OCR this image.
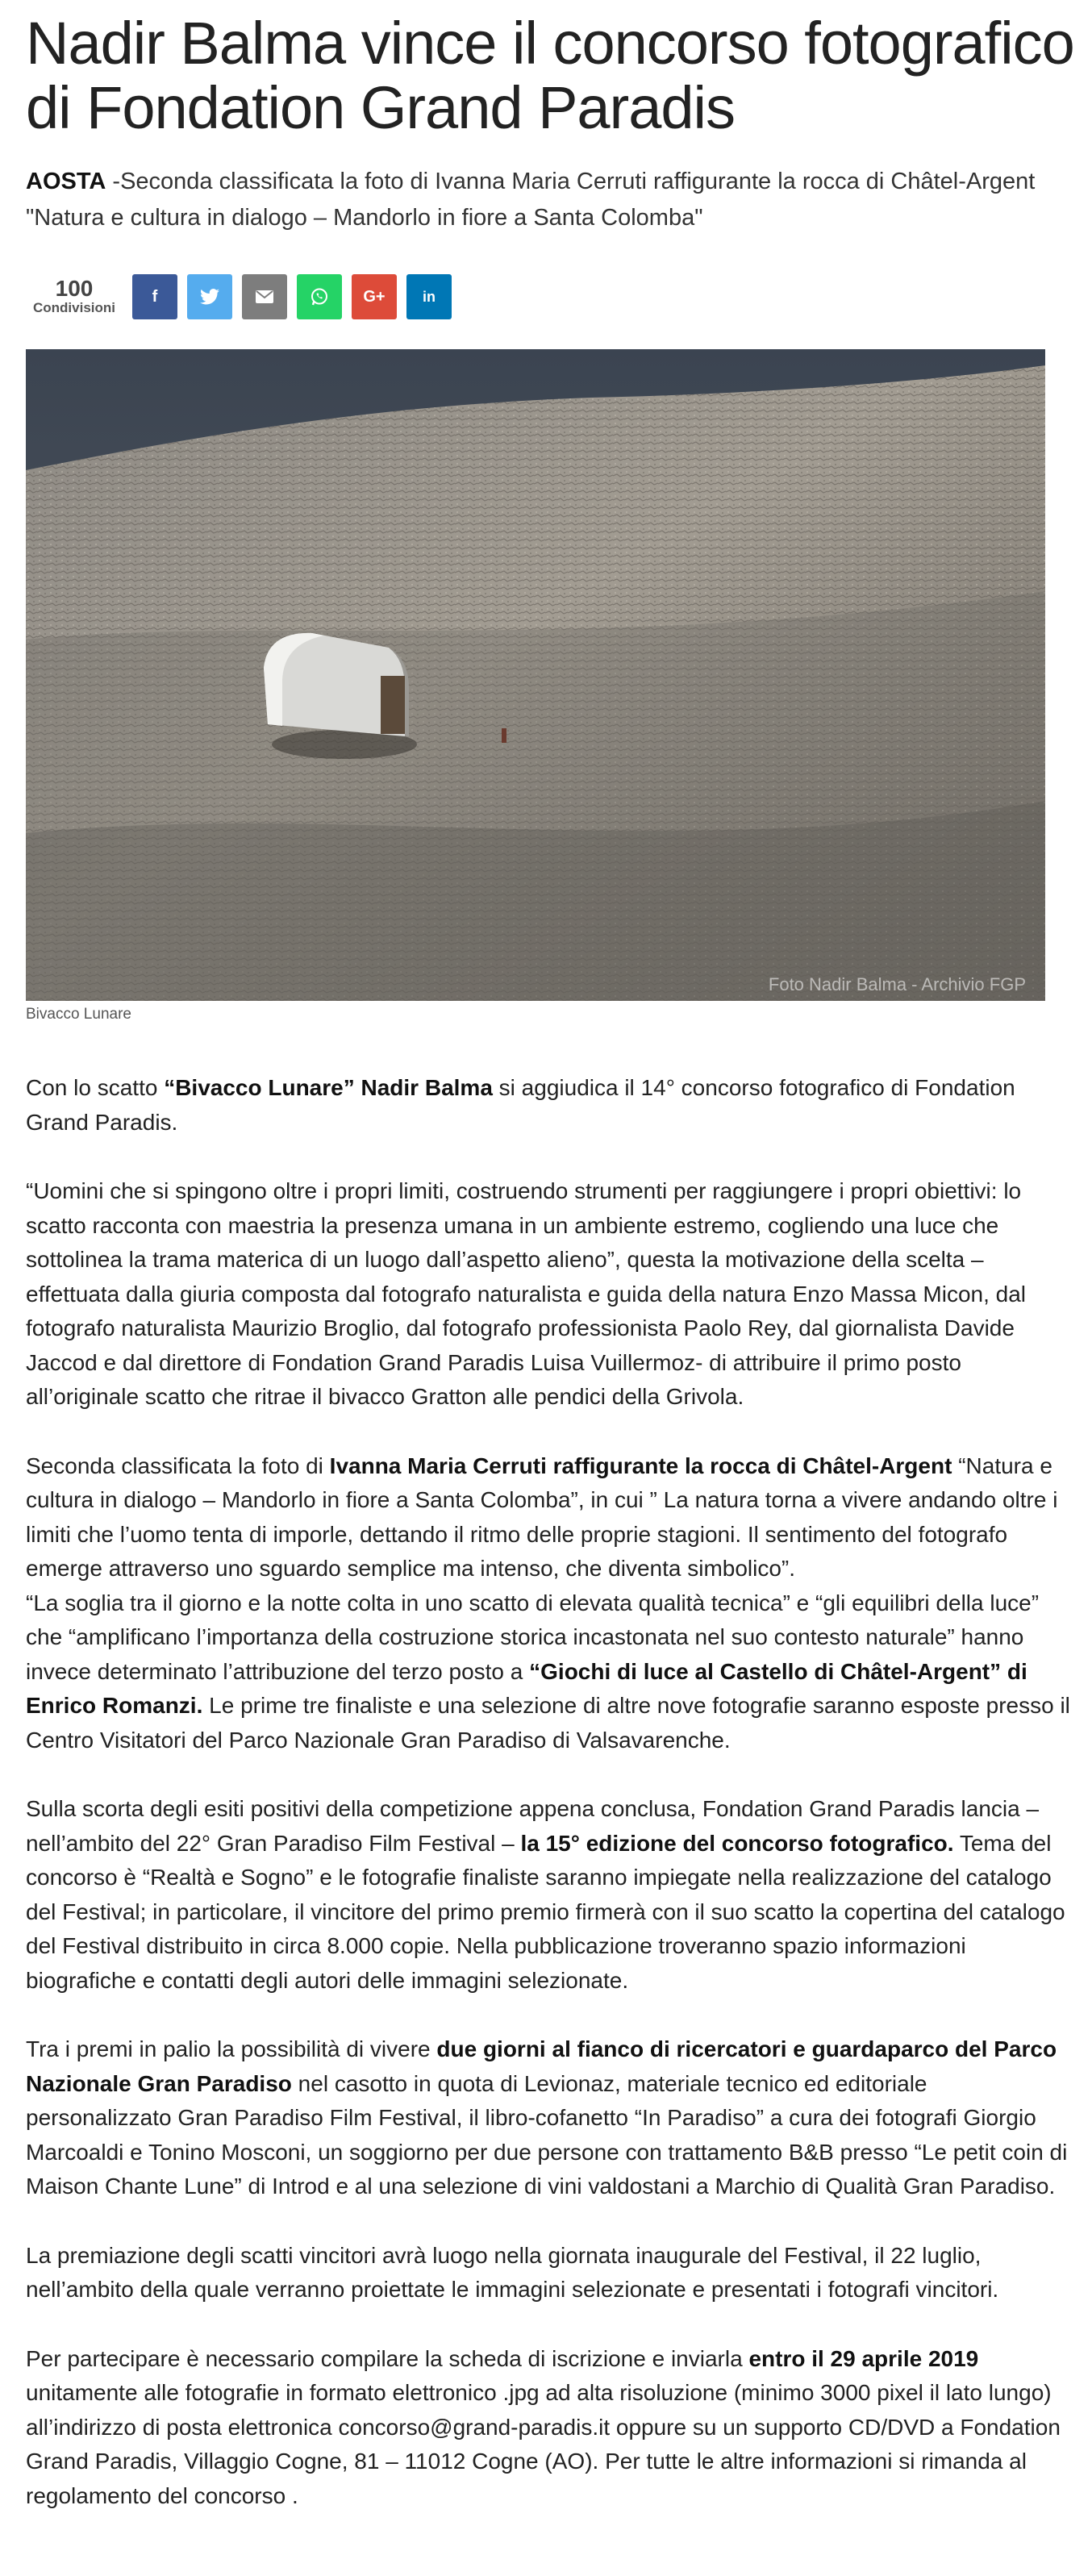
Nadir Balma vince il concorso fotografico di Fondation Grand Paradis
AOSTA -Seconda classificata la foto di Ivanna Maria Cerruti raffigurante la rocca di Châtel-Argent "Natura e cultura in dialogo – Mandorlo in fiore a Santa Colomba"
100
Condivisioni
f	G+	in
Foto Nadir Balma - Archivio FGP
Bivacco Lunare

Con lo scatto “Bivacco Lunare” Nadir Balma si aggiudica il 14° concorso fotografico di Fondation Grand Paradis.

“Uomini che si spingono oltre i propri limiti, costruendo strumenti per raggiungere i propri obiettivi: lo scatto racconta con maestria la presenza umana in un ambiente estremo, cogliendo una luce che sottolinea la trama materica di un luogo dall’aspetto alieno”, questa la motivazione della scelta – effettuata dalla giuria composta dal fotografo naturalista e guida della natura Enzo Massa Micon, dal fotografo naturalista Maurizio Broglio, dal fotografo professionista Paolo Rey, dal giornalista Davide Jaccod e dal direttore di Fondation Grand Paradis Luisa Vuillermoz- di attribuire il primo posto all’originale scatto che ritrae il bivacco Gratton alle pendici della Grivola.

Seconda classificata la foto di Ivanna Maria Cerruti raffigurante la rocca di Châtel-Argent “Natura e cultura in dialogo – Mandorlo in fiore a Santa Colomba”, in cui ” La natura torna a vivere andando oltre i limiti che l’uomo tenta di imporle, dettando il ritmo delle proprie stagioni. Il sentimento del fotografo emerge attraverso uno sguardo semplice ma intenso, che diventa simbolico”.

“La soglia tra il giorno e la notte colta in uno scatto di elevata qualità tecnica” e “gli equilibri della luce” che “amplificano l’importanza della costruzione storica incastonata nel suo contesto naturale” hanno invece determinato l’attribuzione del terzo posto a “Giochi di luce al Castello di Châtel-Argent” di Enrico Romanzi. Le prime tre finaliste e una selezione di altre nove fotografie saranno esposte presso il Centro Visitatori del Parco Nazionale Gran Paradiso di Valsavarenche.

Sulla scorta degli esiti positivi della competizione appena conclusa, Fondation Grand Paradis lancia – nell’ambito del 22° Gran Paradiso Film Festival – la 15° edizione del concorso fotografico. Tema del concorso è “Realtà e Sogno” e le fotografie finaliste saranno impiegate nella realizzazione del catalogo del Festival; in particolare, il vincitore del primo premio firmerà con il suo scatto la copertina del catalogo del Festival distribuito in circa 8.000 copie. Nella pubblicazione troveranno spazio informazioni biografiche e contatti degli autori delle immagini selezionate.

Tra i premi in palio la possibilità di vivere due giorni al fianco di ricercatori e guardaparco del Parco Nazionale Gran Paradiso nel casotto in quota di Levionaz, materiale tecnico ed editoriale personalizzato Gran Paradiso Film Festival, il libro-cofanetto “In Paradiso” a cura dei fotografi Giorgio Marcoaldi e Tonino Mosconi, un soggiorno per due persone con trattamento B&B presso “Le petit coin di Maison Chante Lune” di Introd e al una selezione di vini valdostani a Marchio di Qualità Gran Paradiso.

La premiazione degli scatti vincitori avrà luogo nella giornata inaugurale del Festival, il 22 luglio, nell’ambito della quale verranno proiettate le immagini selezionate e presentati i fotografi vincitori.

Per partecipare è necessario compilare la scheda di iscrizione e inviarla entro il 29 aprile 2019 unitamente alle fotografie in formato elettronico .jpg ad alta risoluzione (minimo 3000 pixel il lato lungo) all’indirizzo di posta elettronica concorso@grand-paradis.it oppure su un supporto CD/DVD a Fondation Grand Paradis, Villaggio Cogne, 81 – 11012 Cogne (AO). Per tutte le altre informazioni si rimanda al regolamento del concorso .
